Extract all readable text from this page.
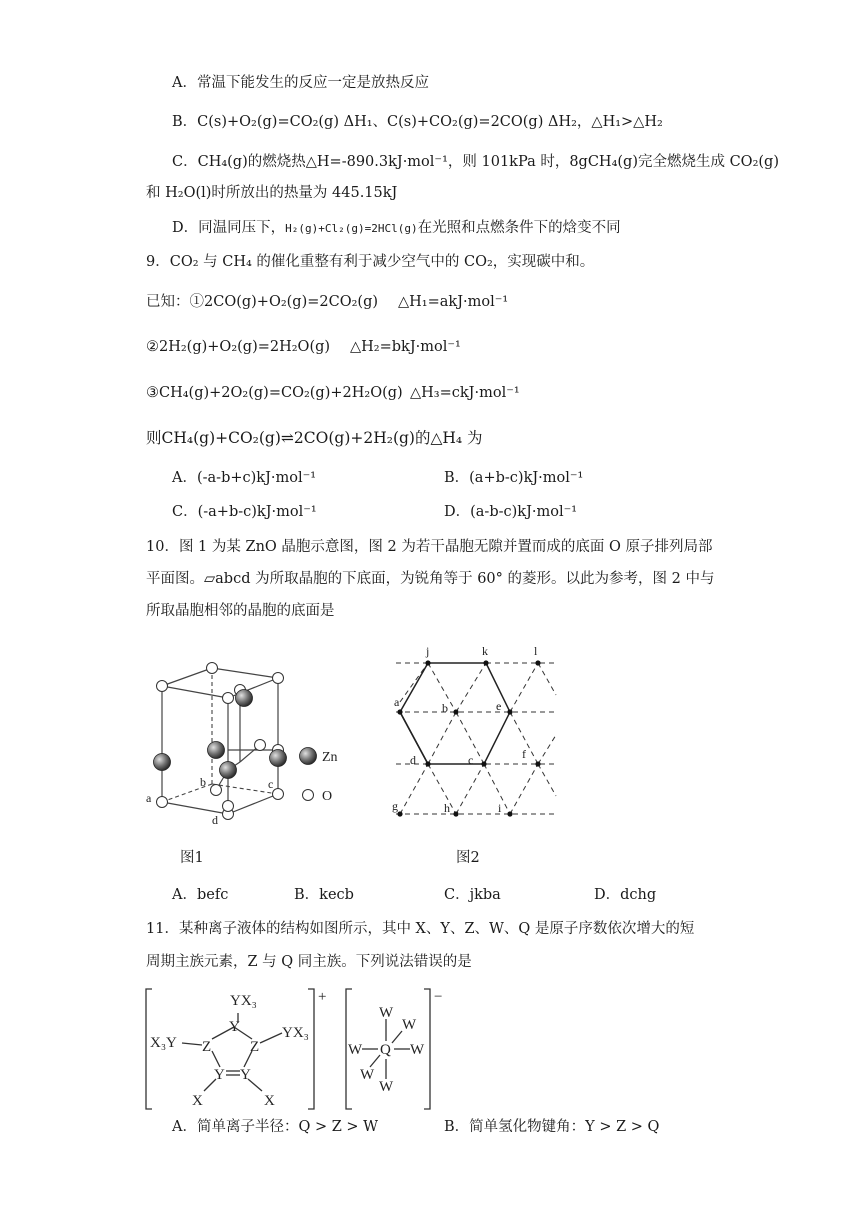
A．常温下能发生的反应一定是放热反应
B．C(s)+O₂(g)=CO₂(g) ΔH₁、C(s)+CO₂(g)=2CO(g) ΔH₂，△H₁>△H₂
C．CH₄(g)的燃烧热△H=-890.3kJ·mol⁻¹，则 101kPa 时，8gCH₄(g)完全燃烧生成 CO₂(g)
和 H₂O(l)时所放出的热量为 445.15kJ
D．同温同压下，H₂(g)+Cl₂(g)=2HCl(g)在光照和点燃条件下的焓变不同
9．CO₂ 与 CH₄ 的催化重整有利于减少空气中的 CO₂，实现碳中和。
已知：①2CO(g)+O₂(g)=2CO₂(g) △H₁=akJ·mol⁻¹
②2H₂(g)+O₂(g)=2H₂O(g) △H₂=bkJ·mol⁻¹
③CH₄(g)+2O₂(g)=CO₂(g)+2H₂O(g) △H₃=ckJ·mol⁻¹
则CH₄(g)+CO₂(g)⇌2CO(g)+2H₂(g)的△H₄ 为
A．(-a-b+c)kJ·mol⁻¹	B．(a+b-c)kJ·mol⁻¹
C．(-a+b-c)kJ·mol⁻¹	D．(a-b-c)kJ·mol⁻¹
10．图 1 为某 ZnO 晶胞示意图，图 2 为若干晶胞无隙并置而成的底面 O 原子排列局部
平面图。▱abcd 为所取晶胞的下底面，为锐角等于 60° 的菱形。以此为参考，图 2 中与
所取晶胞相邻的晶胞的底面是
Zn
O
a
b	c
d
图1
j	k	l
a	b	e
d	c	f
g	h	i
图2
A．befc	B．kecb	C．jkba	D．dchg
11．某种离子液体的结构如图所示，其中 X、Y、Z、W、Q 是原子序数依次增大的短
周期主族元素，Z 与 Q 同主族。下列说法错误的是
YX₃
Y
X₃Y Z	Z
YX₃
Y Y
X	X
+	−
W
W
W Q W
W
W
A．简单离子半径：Q > Z > W	B．简单氢化物键角：Y > Z > Q
